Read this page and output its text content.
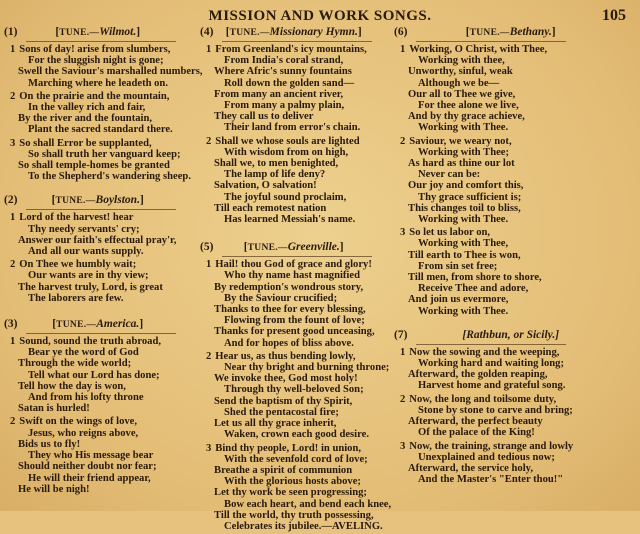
MISSION AND WORK SONGS.	105
(1)	[TUNE.—Wilmot.]
1 Sons of day! arise from slumbers,
For the sluggish night is gone;
Swell the Saviour's marshalled numbers,
Marching where he leadeth on.
2 On the prairie and the mountain,
In the valley rich and fair,
By the river and the fountain,
Plant the sacred standard there.
3 So shall Error be supplanted,
So shall truth her vanguard keep;
So shall temple-homes be granted
To the Shepherd's wandering sheep.
(2)	[TUNE.—Boylston.]
1 Lord of the harvest! hear
Thy needy servants' cry;
Answer our faith's effectual pray'r,
And all our wants supply.
2 On Thee we humbly wait;
Our wants are in thy view;
The harvest truly, Lord, is great
The laborers are few.
(3)	[TUNE.—America.]
1 Sound, sound the truth abroad,
Bear ye the word of God
Through the wide world;
Tell what our Lord has done;
Tell how the day is won,
And from his lofty throne
Satan is hurled!
2 Swift on the wings of love,
Jesus, who reigns above,
Bids us to fly!
They who His message bear
Should neither doubt nor fear;
He will their friend appear,
He will be nigh!
(4)	[TUNE.—Missionary Hymn.]
1 From Greenland's icy mountains,
From India's coral strand,
Where Afric's sunny fountains
Roll down the golden sand—
From many an ancient river,
From many a palmy plain,
They call us to deliver
Their land from error's chain.
2 Shall we whose souls are lighted
With wisdom from on high,
Shall we, to men benighted,
The lamp of life deny?
Salvation, O salvation!
The joyful sound proclaim,
Till each remotest nation
Has learned Messiah's name.
(5)	[TUNE.—Greenville.]
1 Hail! thou God of grace and glory!
Who thy name hast magnified
By redemption's wondrous story,
By the Saviour crucified;
Thanks to thee for every blessing,
Flowing from the fount of love;
Thanks for present good unceasing,
And for hopes of bliss above.
2 Hear us, as thus bending lowly,
Near thy bright and burning throne;
We invoke thee, God most holy!
Through thy well-beloved Son;
Send the baptism of thy Spirit,
Shed the pentacostal fire;
Let us all thy grace inherit,
Waken, crown each good desire.
3 Bind thy people, Lord! in union,
With the sevenfold cord of love;
Breathe a spirit of communion
With the glorious hosts above;
Let thy work be seen progressing;
Bow each heart, and bend each knee,
Till the world, thy truth possessing,
Celebrates its jubilee.—AVELING.
(6)	[TUNE.—Bethany.]
1 Working, O Christ, with Thee,
Working with thee,
Unworthy, sinful, weak
Although we be—
Our all to Thee we give,
For thee alone we live,
And by thy grace achieve,
Working with Thee.
2 Saviour, we weary not,
Working with Thee;
As hard as thine our lot
Never can be:
Our joy and comfort this,
Thy grace sufficient is;
This changes toil to bliss,
Working with Thee.
3 So let us labor on,
Working with Thee,
Till earth to Thee is won,
From sin set free;
Till men, from shore to shore,
Receive Thee and adore,
And join us evermore,
Working with Thee.
(7)	[Rathbun, or Sicily.]
1 Now the sowing and the weeping,
Working hard and waiting long;
Afterward, the golden reaping,
Harvest home and grateful song.
2 Now, the long and toilsome duty,
Stone by stone to carve and bring;
Afterward, the perfect beauty
Of the palace of the King!
3 Now, the training, strange and lowly
Unexplained and tedious now;
Afterward, the service holy,
And the Master's "Enter thou!"
